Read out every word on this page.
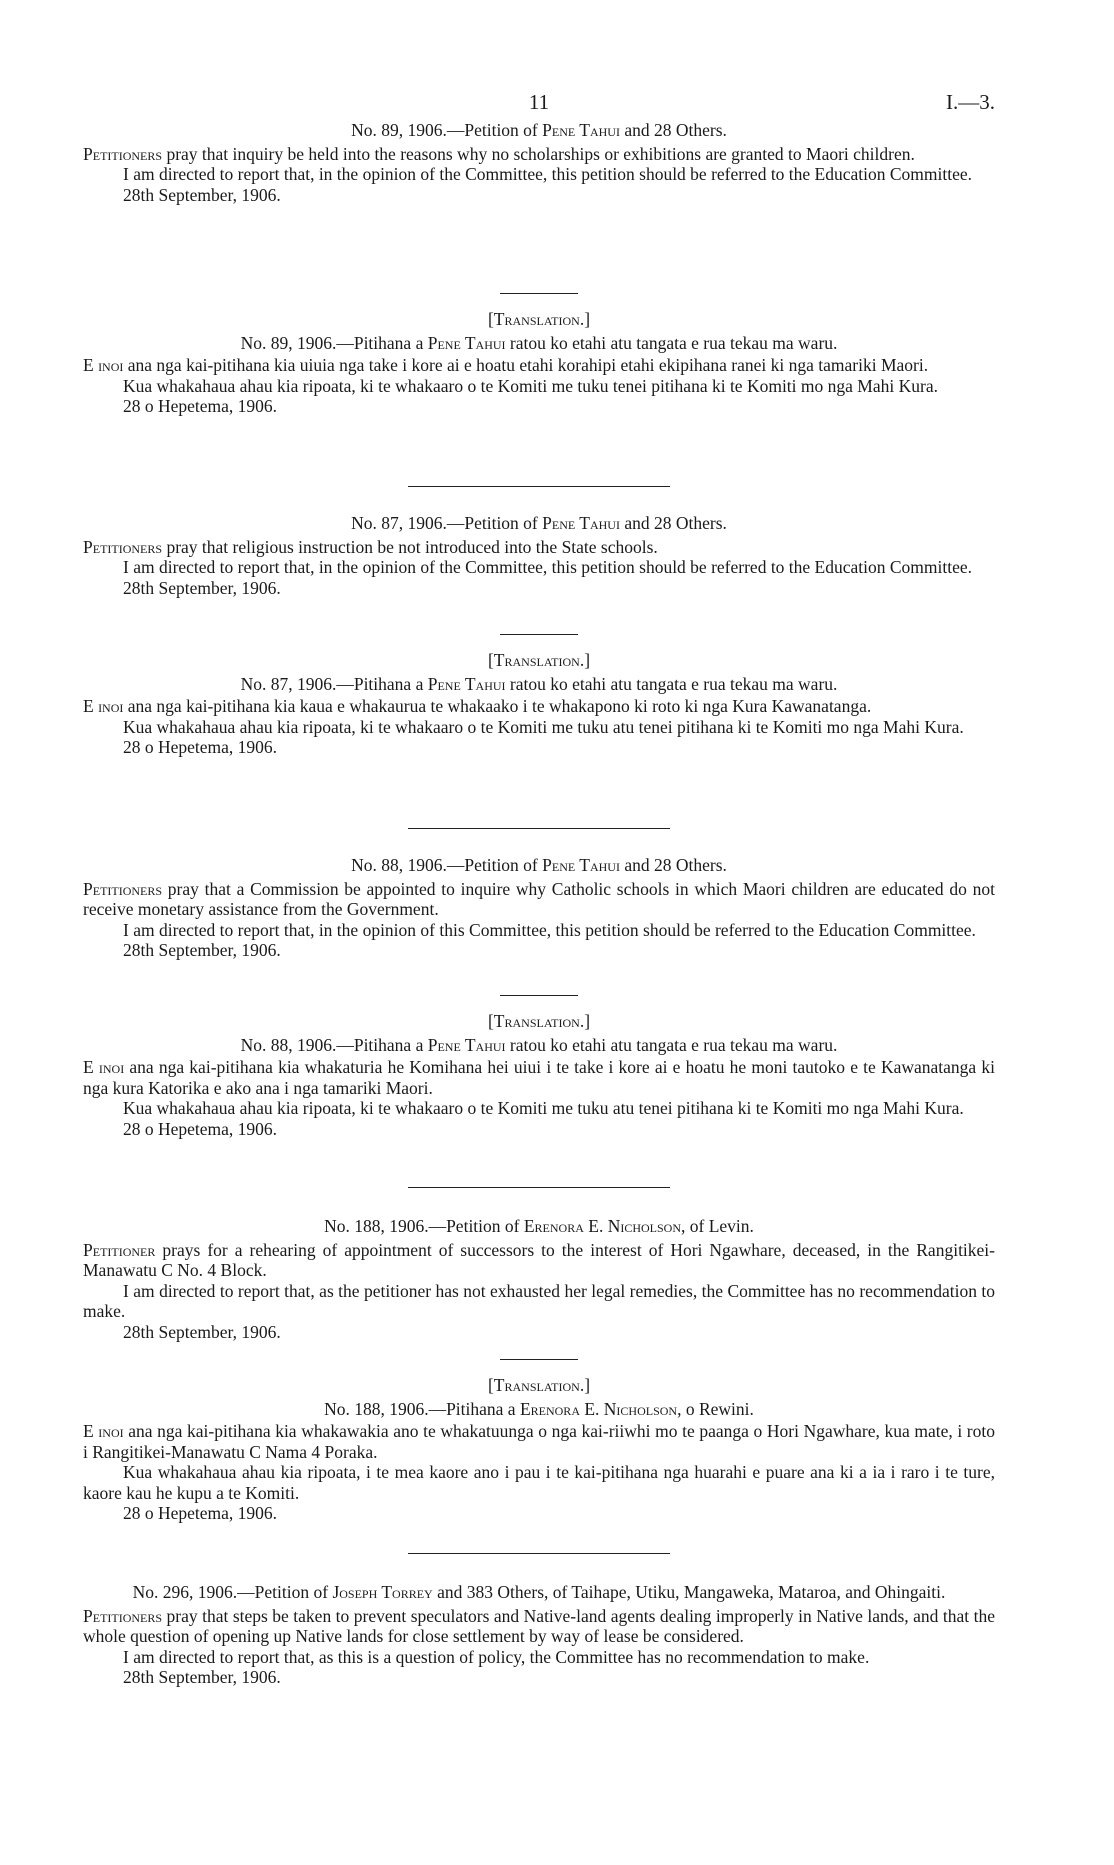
11	I.—3.

No. 89, 1906.—Petition of Pene Tahui and 28 Others.

Petitioners pray that inquiry be held into the reasons why no scholarships or exhibitions are granted to Maori children.

I am directed to report that, in the opinion of the Committee, this petition should be referred to the Education Committee.

28th September, 1906.

[Translation.]

No. 89, 1906.—Pitihana a Pene Tahui ratou ko etahi atu tangata e rua tekau ma waru.

E inoi ana nga kai-pitihana kia uiuia nga take i kore ai e hoatu etahi korahipi etahi ekipihana ranei ki nga tamariki Maori.

Kua whakahaua ahau kia ripoata, ki te whakaaro o te Komiti me tuku tenei pitihana ki te Komiti mo nga Mahi Kura.

28 o Hepetema, 1906.

No. 87, 1906.—Petition of Pene Tahui and 28 Others.

Petitioners pray that religious instruction be not introduced into the State schools.

I am directed to report that, in the opinion of the Committee, this petition should be referred to the Education Committee.

28th September, 1906.

[Translation.]

No. 87, 1906.—Pitihana a Pene Tahui ratou ko etahi atu tangata e rua tekau ma waru.

E inoi ana nga kai-pitihana kia kaua e whakaurua te whakaako i te whakapono ki roto ki nga Kura Kawanatanga.

Kua whakahaua ahau kia ripoata, ki te whakaaro o te Komiti me tuku atu tenei pitihana ki te Komiti mo nga Mahi Kura.

28 o Hepetema, 1906.

No. 88, 1906.—Petition of Pene Tahui and 28 Others.

Petitioners pray that a Commission be appointed to inquire why Catholic schools in which Maori children are educated do not receive monetary assistance from the Government.

I am directed to report that, in the opinion of this Committee, this petition should be referred to the Education Committee.

28th September, 1906.

[Translation.]

No. 88, 1906.—Pitihana a Pene Tahui ratou ko etahi atu tangata e rua tekau ma waru.

E inoi ana nga kai-pitihana kia whakaturia he Komihana hei uiui i te take i kore ai e hoatu he moni tautoko e te Kawanatanga ki nga kura Katorika e ako ana i nga tamariki Maori.

Kua whakahaua ahau kia ripoata, ki te whakaaro o te Komiti me tuku atu tenei pitihana ki te Komiti mo nga Mahi Kura.

28 o Hepetema, 1906.

No. 188, 1906.—Petition of Erenora E. Nicholson, of Levin.

Petitioner prays for a rehearing of appointment of successors to the interest of Hori Ngawhare, deceased, in the Rangitikei-Manawatu C No. 4 Block.

I am directed to report that, as the petitioner has not exhausted her legal remedies, the Committee has no recommendation to make.

28th September, 1906.

[Translation.]

No. 188, 1906.—Pitihana a Erenora E. Nicholson, o Rewini.

E inoi ana nga kai-pitihana kia whakawakia ano te whakatuunga o nga kai-riiwhi mo te paanga o Hori Ngawhare, kua mate, i roto i Rangitikei-Manawatu C Nama 4 Poraka.

Kua whakahaua ahau kia ripoata, i te mea kaore ano i pau i te kai-pitihana nga huarahi e puare ana ki a ia i raro i te ture, kaore kau he kupu a te Komiti.

28 o Hepetema, 1906.

No. 296, 1906.—Petition of Joseph Torrey and 383 Others, of Taihape, Utiku, Mangaweka, Mataroa, and Ohingaiti.

Petitioners pray that steps be taken to prevent speculators and Native-land agents dealing improperly in Native lands, and that the whole question of opening up Native lands for close settlement by way of lease be considered.

I am directed to report that, as this is a question of policy, the Committee has no recommendation to make.

28th September, 1906.
